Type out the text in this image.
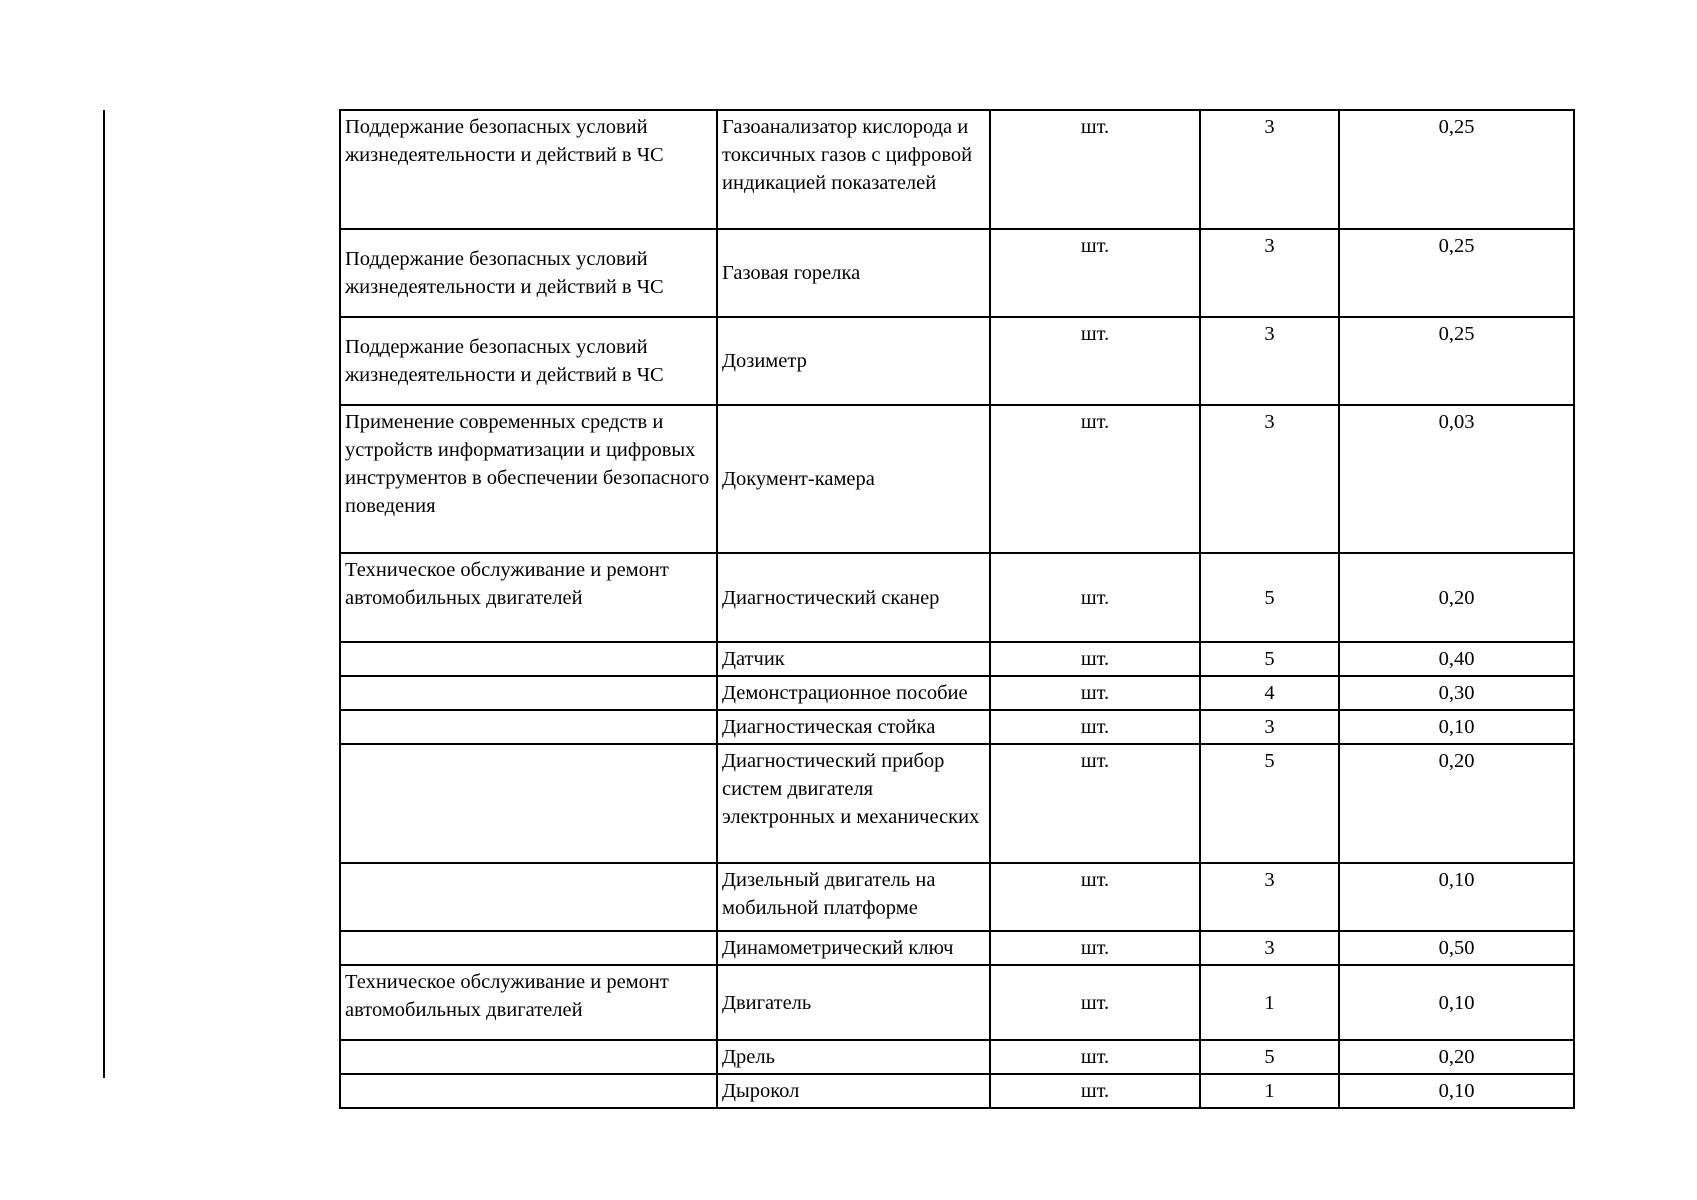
Поддержание безопасных условий жизнедеятельности и действий в ЧС	Газоанализатор кислорода и токсичных газов с цифровой индикацией показателей	шт.	3	0,25
Поддержание безопасных условий жизнедеятельности и действий в ЧС	Газовая горелка	шт.	3	0,25
Поддержание безопасных условий жизнедеятельности и действий в ЧС	Дозиметр	шт.	3	0,25
Применение современных средств и устройств информатизации и цифровых инструментов в обеспечении безопасного поведения	Документ-камера	шт.	3	0,03
Техническое обслуживание и ремонт автомобильных двигателей	Диагностический сканер	шт.	5	0,20
	Датчик	шт.	5	0,40
	Демонстрационное пособие	шт.	4	0,30
	Диагностическая стойка	шт.	3	0,10
	Диагностический прибор систем двигателя электронных и механических	шт.	5	0,20
	Дизельный двигатель на мобильной платформе	шт.	3	0,10
	Динамометрический ключ	шт.	3	0,50
Техническое обслуживание и ремонт автомобильных двигателей	Двигатель	шт.	1	0,10
	Дрель	шт.	5	0,20
	Дырокол	шт.	1	0,10
